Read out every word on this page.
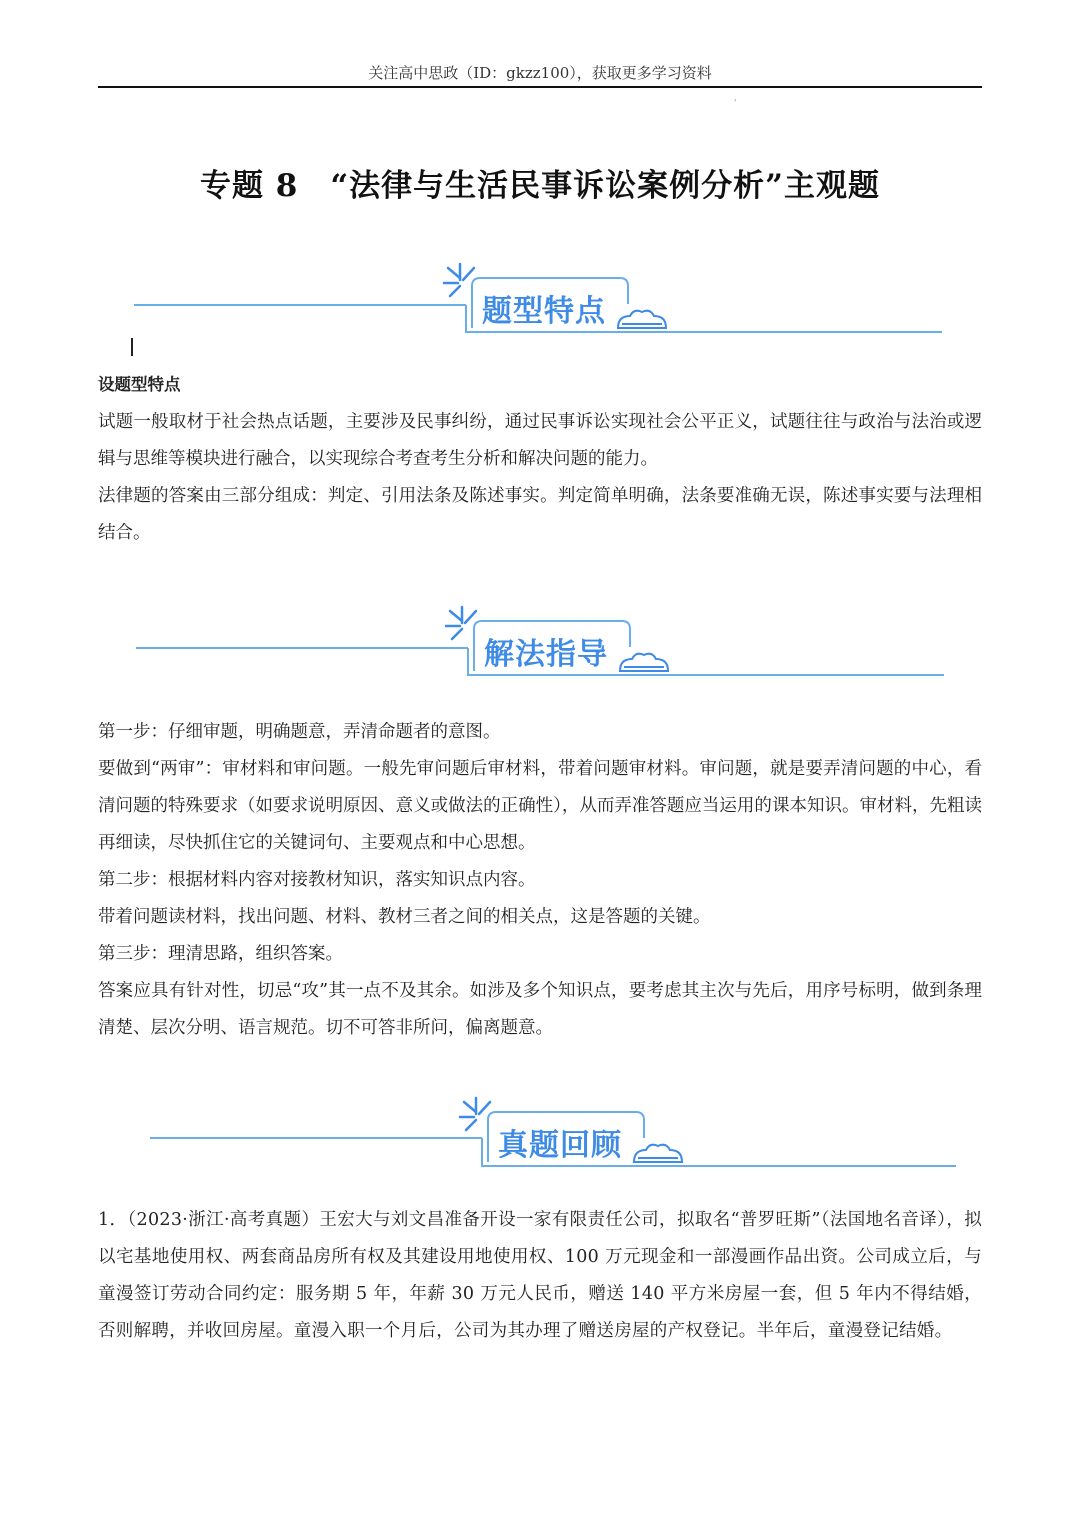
关注高中思政（ID：gkzz100），获取更多学习资料
'
专题 8　“法律与生活民事诉讼案例分析”主观题
题型特点

设题型特点

试题一般取材于社会热点话题，主要涉及民事纠纷，通过民事诉讼实现社会公平正义，试题往往与政治与法治或逻辑与思维等模块进行融合，以实现综合考查考生分析和解决问题的能力。

法律题的答案由三部分组成：判定、引用法条及陈述事实。判定简单明确，法条要准确无误，陈述事实要与法理相结合。

解法指导

第一步：仔细审题，明确题意，弄清命题者的意图。

要做到“两审”：审材料和审问题。一般先审问题后审材料，带着问题审材料。审问题，就是要弄清问题的中心，看清问题的特殊要求（如要求说明原因、意义或做法的正确性），从而弄准答题应当运用的课本知识。审材料，先粗读再细读，尽快抓住它的关键词句、主要观点和中心思想。

第二步：根据材料内容对接教材知识，落实知识点内容。

带着问题读材料，找出问题、材料、教材三者之间的相关点，这是答题的关键。

第三步：理清思路，组织答案。

答案应具有针对性，切忌“攻”其一点不及其余。如涉及多个知识点，要考虑其主次与先后，用序号标明，做到条理清楚、层次分明、语言规范。切不可答非所问，偏离题意。

真题回顾

1．（2023·浙江·高考真题）王宏大与刘文昌准备开设一家有限责任公司，拟取名“普罗旺斯”（法国地名音译），拟以宅基地使用权、两套商品房所有权及其建设用地使用权、100 万元现金和一部漫画作品出资。公司成立后，与童漫签订劳动合同约定：服务期 5 年，年薪 30 万元人民币，赠送 140 平方米房屋一套，但 5 年内不得结婚，否则解聘，并收回房屋。童漫入职一个月后，公司为其办理了赠送房屋的产权登记。半年后，童漫登记结婚。
